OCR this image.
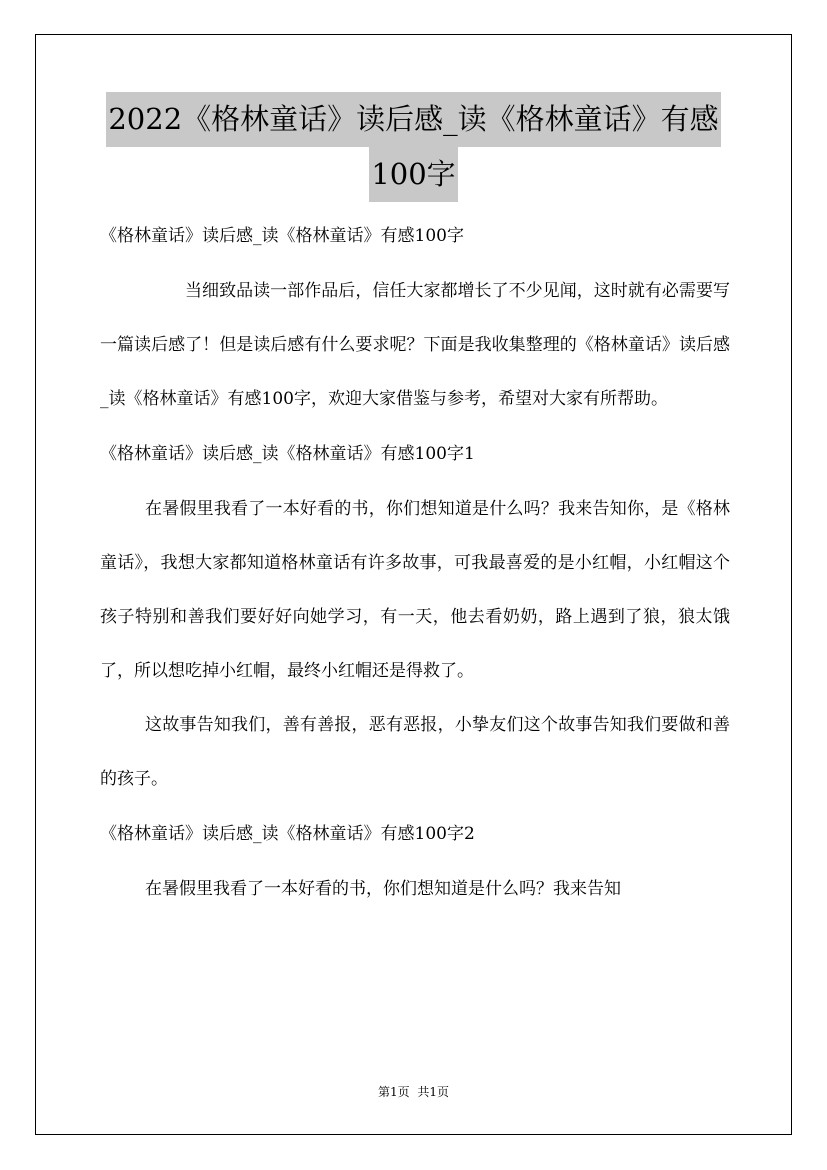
2022《格林童话》读后感_读《格林童话》有感
100字

《格林童话》读后感_读《格林童话》有感100字

当细致品读一部作品后，信任大家都增长了不少见闻，这时就有必需要写一篇读后感了！但是读后感有什么要求呢？下面是我收集整理的《格林童话》读后感_读《格林童话》有感100字，欢迎大家借鉴与参考，希望对大家有所帮助。

《格林童话》读后感_读《格林童话》有感100字1

在暑假里我看了一本好看的书，你们想知道是什么吗？我来告知你，是《格林童话》，我想大家都知道格林童话有许多故事，可我最喜爱的是小红帽，小红帽这个孩子特别和善我们要好好向她学习，有一天，他去看奶奶，路上遇到了狼，狼太饿了，所以想吃掉小红帽，最终小红帽还是得救了。

这故事告知我们，善有善报，恶有恶报，小挚友们这个故事告知我们要做和善的孩子。

《格林童话》读后感_读《格林童话》有感100字2

在暑假里我看了一本好看的书，你们想知道是什么吗？我来告知

第1页 共1页
